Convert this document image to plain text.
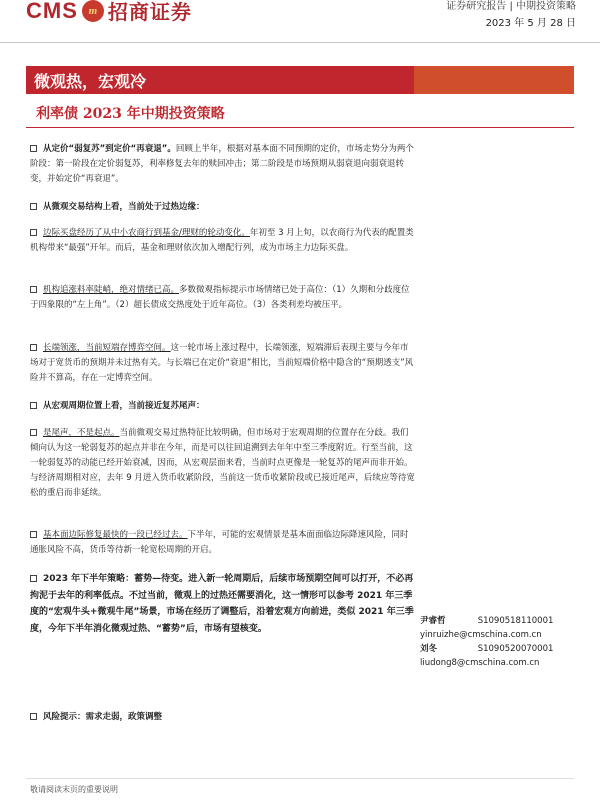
CMS m 招商证券	证券研究报告 | 中期投资策略
2023 年 5 月 28 日
微观热，宏观冷
利率债 2023 年中期投资策略
从定价“弱复苏”到定价“再衰退”。回顾上半年，根据对基本面不同预期的定价，市场走势分为两个阶段：第一阶段在定价弱复苏，利率修复去年的赎回冲击；第二阶段是市场预期从弱衰退向弱衰退转变，并始定价“再衰退”。
从微观交易结构上看，当前处于过热边缘：
边际买盘经历了从中小农商行到基金/理财的轮动变化。年初至 3 月上旬，以农商行为代表的配置类机构带来“最强”开年。而后，基金和理财依次加入增配行列，成为市场主力边际买盘。
机构追涨料率陡峭，绝对情绪已高。多数微观指标提示市场情绪已处于高位：（1）久期和分歧度位于四象限的“左上角”。（2）超长债成交热度处于近年高位。（3）各类利差均被压平。
长端领涨，当前短端存博弈空间。这一轮市场上涨过程中，长端领涨，短端滞后表现主要与今年市场对于宽货币的预期并未过热有关。与长端已在定价“衰退”相比，当前短端价格中隐含的“预期透支”风险并不算高，存在一定博弈空间。
从宏观周期位置上看，当前接近复苏尾声：
是尾声，不是起点。当前微观交易过热特征比较明确，但市场对于宏观周期的位置存在分歧。我们倾向认为这一轮弱复苏的起点并非在今年，而是可以往回追溯到去年年中至三季度附近。行至当前，这一轮弱复苏的动能已经开始衰减，因而，从宏观层面来看，当前时点更像是一轮复苏的尾声而非开始。与经济周期相对应，去年 9 月进入货币收紧阶段，当前这一货币收紧阶段或已接近尾声，后续应等待宽松的重启而非延续。
基本面边际修复最快的一段已经过去。下半年，可能的宏观情景是基本面面临边际降速风险，同时通胀风险不高，货币等待新一轮宽松周期的开启。
2023 年下半年策略：蓄势—待变。进入新一轮周期后，后续市场预期空间可以打开，不必再拘泥于去年的利率低点。不过当前，微观上的过热还需要消化，这一情形可以参考 2021 年三季度的“宏观牛头+微观牛尾”场景，市场在经历了调整后，沿着宏观方向前进，类似 2021 年三季度，今年下半年消化微观过热、“蓄势”后，市场有望核变。
风险提示：需求走弱，政策调整
尹睿哲	S1090518110001
yinruizhe@cmschina.com.cn
刘冬	S1090520070001
liudong8@cmschina.com.cn
敬请阅读末页的重要说明
